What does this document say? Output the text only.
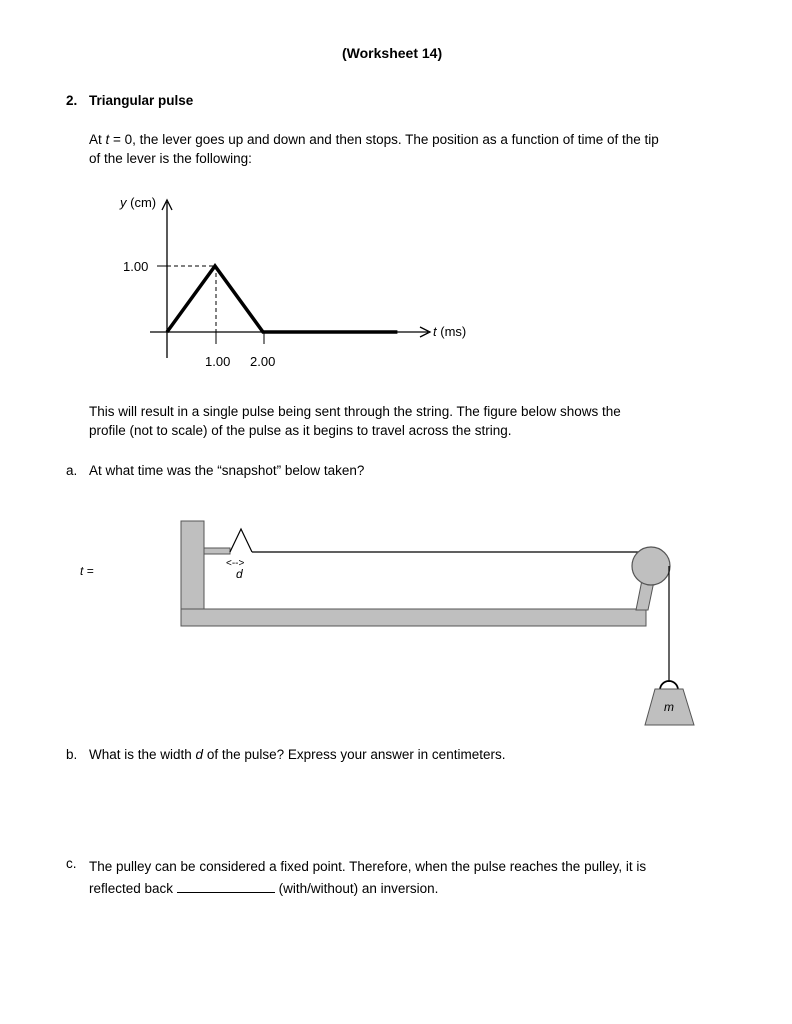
(Worksheet 14)
2. Triangular pulse
At t = 0, the lever goes up and down and then stops. The position as a function of time of the tip
of the lever is the following:
y (cm)
t (ms)
1.00
1.00 2.00
This will result in a single pulse being sent through the string. The figure below shows the
profile (not to scale) of the pulse as it begins to travel across the string.
a. At what time was the “snapshot” below taken?
t =
m
<-->
d
b. What is the width d of the pulse? Express your answer in centimeters.
c. The pulley can be considered a fixed point. Therefore, when the pulse reaches the pulley, it is
reflected back	(with/without) an inversion.
